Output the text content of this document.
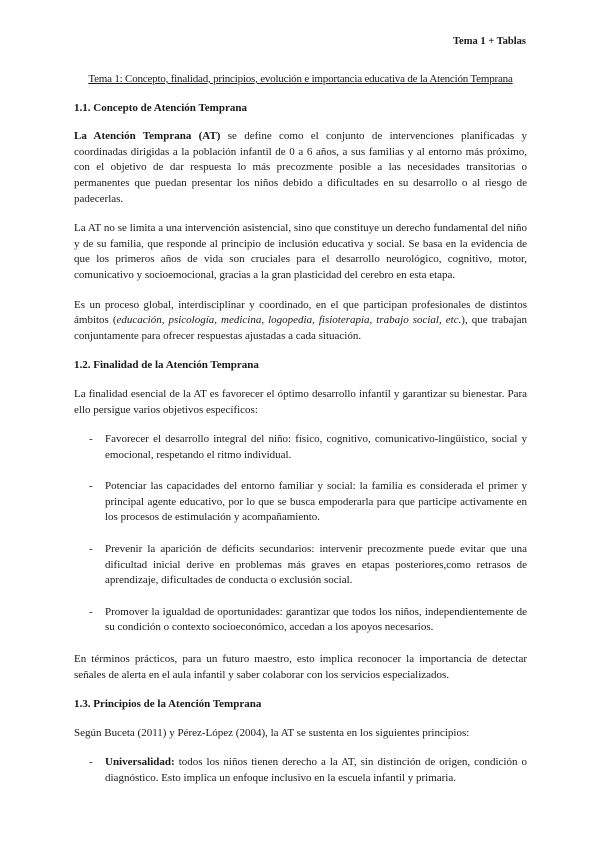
Tema 1 + Tablas
Tema 1: Concepto, finalidad, principios, evolución e importancia educativa de la Atención Temprana
1.1. Concepto de Atención Temprana

La Atención Temprana (AT) se define como el conjunto de intervenciones planificadas y coordinadas dirigidas a la población infantil de 0 a 6 años, a sus familias y al entorno más próximo, con el objetivo de dar respuesta lo más precozmente posible a las necesidades transitorias o permanentes que puedan presentar los niños debido a dificultades en su desarrollo o al riesgo de padecerlas.

La AT no se limita a una intervención asistencial, sino que constituye un derecho fundamental del niño y de su familia, que responde al principio de inclusión educativa y social. Se basa en la evidencia de que los primeros años de vida son cruciales para el desarrollo neurológico, cognitivo, motor, comunicativo y socioemocional, gracias a la gran plasticidad del cerebro en esta etapa.

Es un proceso global, interdisciplinar y coordinado, en el que participan profesionales de distintos ámbitos (educación, psicología, medicina, logopedia, fisioterapia, trabajo social, etc.), que trabajan conjuntamente para ofrecer respuestas ajustadas a cada situación.

1.2. Finalidad de la Atención Temprana

La finalidad esencial de la AT es favorecer el óptimo desarrollo infantil y garantizar su bienestar. Para ello persigue varios objetivos específicos:

- Favorecer el desarrollo integral del niño: físico, cognitivo, comunicativo-lingüístico, social y emocional, respetando el ritmo individual.
- Potenciar las capacidades del entorno familiar y social: la familia es considerada el primer y principal agente educativo, por lo que se busca empoderarla para que participe activamente en los procesos de estimulación y acompañamiento.
- Prevenir la aparición de déficits secundarios: intervenir precozmente puede evitar que una dificultad inicial derive en problemas más graves en etapas posteriores,como retrasos de aprendizaje, dificultades de conducta o exclusión social.
- Promover la igualdad de oportunidades: garantizar que todos los niños, independientemente de su condición o contexto socioeconómico, accedan a los apoyos necesarios.

En términos prácticos, para un futuro maestro, esto implica reconocer la importancia de detectar señales de alerta en el aula infantil y saber colaborar con los servicios especializados.

1.3. Principios de la Atención Temprana

Según Buceta (2011) y Pérez-López (2004), la AT se sustenta en los siguientes principios:

- Universalidad: todos los niños tienen derecho a la AT, sin distinción de origen, condición o diagnóstico. Esto implica un enfoque inclusivo en la escuela infantil y primaria.
